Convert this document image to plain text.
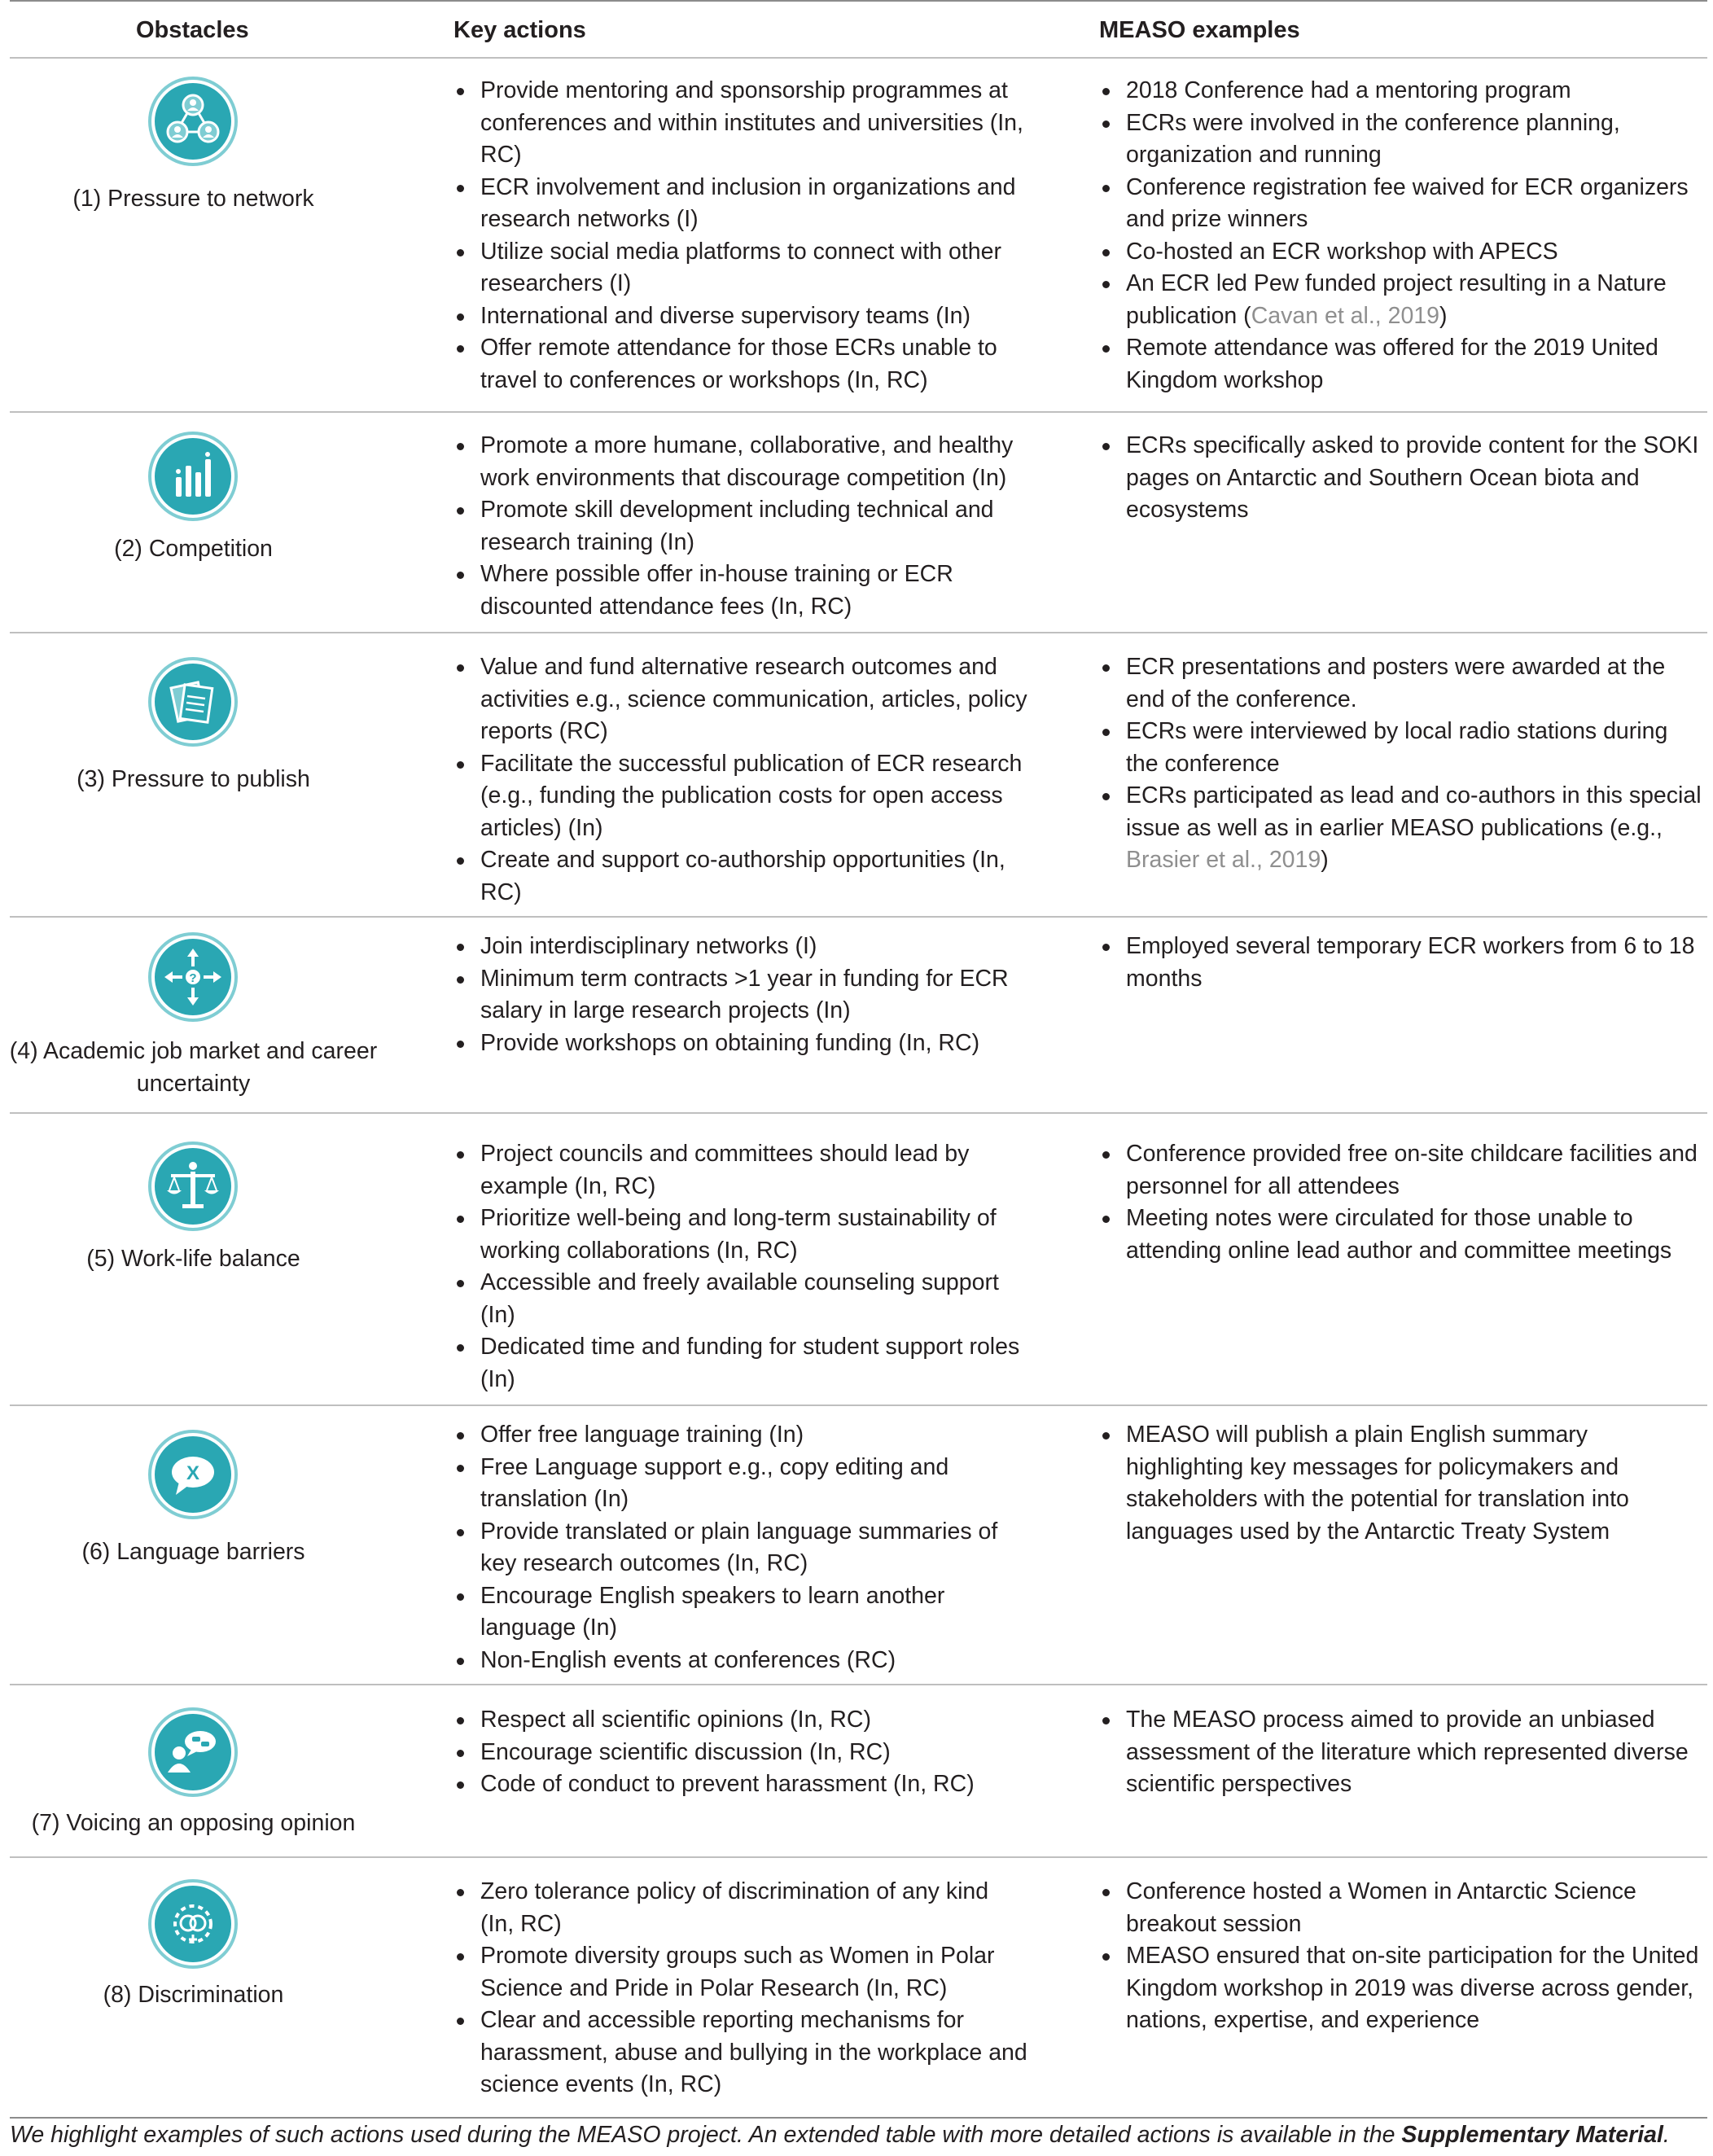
Obstacles	Key actions	MEASO examples
(1) Pressure to network
Provide mentoring and sponsorship programmes at conferences and within institutes and universities (In, RC)
ECR involvement and inclusion in organizations and research networks (I)
Utilize social media platforms to connect with other researchers (I)
International and diverse supervisory teams (In)
Offer remote attendance for those ECRs unable to travel to conferences or workshops (In, RC)
2018 Conference had a mentoring program
ECRs were involved in the conference planning, organization and running
Conference registration fee waived for ECR organizers and prize winners
Co-hosted an ECR workshop with APECS
An ECR led Pew funded project resulting in a Nature publication (Cavan et al., 2019)
Remote attendance was offered for the 2019 United Kingdom workshop
(2) Competition
Promote a more humane, collaborative, and healthy work environments that discourage competition (In)
Promote skill development including technical and research training (In)
Where possible offer in-house training or ECR discounted attendance fees (In, RC)
ECRs specifically asked to provide content for the SOKI pages on Antarctic and Southern Ocean biota and ecosystems
(3) Pressure to publish
Value and fund alternative research outcomes and activities e.g., science communication, articles, policy reports (RC)
Facilitate the successful publication of ECR research (e.g., funding the publication costs for open access articles) (In)
Create and support co-authorship opportunities (In, RC)
ECR presentations and posters were awarded at the end of the conference.
ECRs were interviewed by local radio stations during the conference
ECRs participated as lead and co-authors in this special issue as well as in earlier MEASO publications (e.g., Brasier et al., 2019)
?
(4) Academic job market and career uncertainty
Join interdisciplinary networks (I)
Minimum term contracts >1 year in funding for ECR salary in large research projects (In)
Provide workshops on obtaining funding (In, RC)
Employed several temporary ECR workers from 6 to 18 months
(5) Work-life balance
Project councils and committees should lead by example (In, RC)
Prioritize well-being and long-term sustainability of working collaborations (In, RC)
Accessible and freely available counseling support (In)
Dedicated time and funding for student support roles (In)
Conference provided free on-site childcare facilities and personnel for all attendees
Meeting notes were circulated for those unable to attending online lead author and committee meetings
X
(6) Language barriers
Offer free language training (In)
Free Language support e.g., copy editing and translation (In)
Provide translated or plain language summaries of key research outcomes (In, RC)
Encourage English speakers to learn another language (In)
Non-English events at conferences (RC)
MEASO will publish a plain English summary highlighting key messages for policymakers and stakeholders with the potential for translation into languages used by the Antarctic Treaty System
(7) Voicing an opposing opinion
Respect all scientific opinions (In, RC)
Encourage scientific discussion (In, RC)
Code of conduct to prevent harassment (In, RC)
The MEASO process aimed to provide an unbiased assessment of the literature which represented diverse scientific perspectives
(8) Discrimination
Zero tolerance policy of discrimination of any kind (In, RC)
Promote diversity groups such as Women in Polar Science and Pride in Polar Research (In, RC)
Clear and accessible reporting mechanisms for harassment, abuse and bullying in the workplace and science events (In, RC)
Conference hosted a Women in Antarctic Science breakout session
MEASO ensured that on-site participation for the United Kingdom workshop in 2019 was diverse across gender, nations, expertise, and experience
We highlight examples of such actions used during the MEASO project. An extended table with more detailed actions is available in the Supplementary Material.
